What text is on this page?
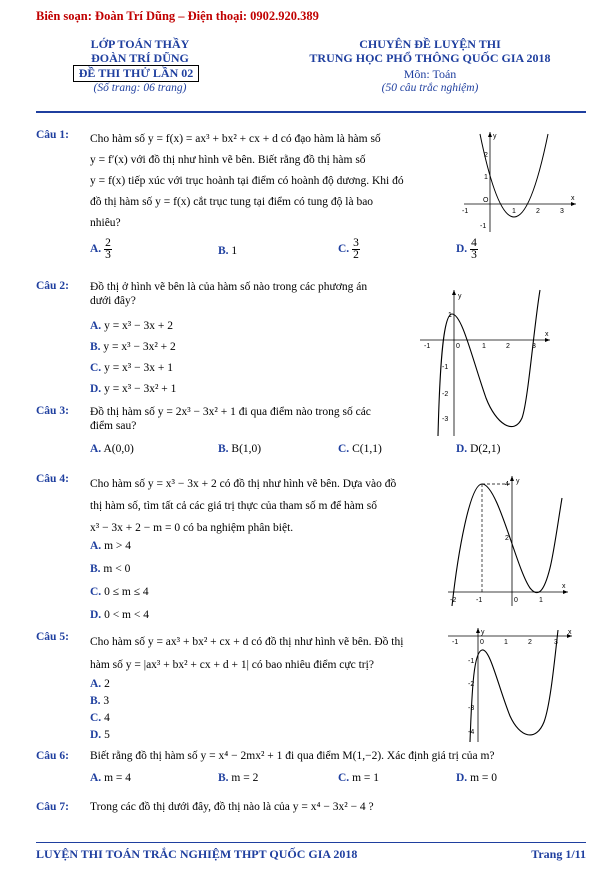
Biên soạn: Đoàn Trí Dũng – Điện thoại: 0902.920.389
LỚP TOÁN THẦY
ĐOÀN TRÍ DŨNG
ĐỀ THI THỬ LẦN 02
(Số trang: 06 trang)
CHUYÊN ĐỀ LUYỆN THI
TRUNG HỌC PHỔ THÔNG QUỐC GIA 2018
Môn: Toán
(50 câu trắc nghiệm)
Câu 1: Cho hàm số y = f(x) = ax³ + bx² + cx + d có đạo hàm là hàm số
y = f′(x) với đồ thị như hình vẽ bên. Biết rằng đồ thị hàm số
y = f(x) tiếp xúc với trục hoành tại điểm có hoành độ dương. Khi đó
đồ thị hàm số y = f(x) cắt trục tung tại điểm có tung độ là bao
nhiêu?
A. $\frac{2}{3}$	B. 1	C. $\frac{3}{2}$	D. $\frac{4}{3}$
y
x
O
-1	1	2	3
2
1
-1
Câu 2: Đồ thị ở hình vẽ bên là của hàm số nào trong các phương án
dưới đây?
A. y = x³ − 3x + 2
B. y = x³ − 3x² + 2
C. y = x³ − 3x + 1
D. y = x³ − 3x² + 1
y
x
0
-1	1	2	3
1
-1
-2
-3
Câu 3: Đồ thị hàm số y = 2x³ − 3x² + 1 đi qua điểm nào trong số các
điểm sau?
A. A(0,0)	B. B(1,0)	C. C(1,1)	D. D(2,1)
Câu 4: Cho hàm số y = x³ − 3x + 2 có đồ thị như hình vẽ bên. Dựa vào đồ
thị hàm số, tìm tất cả các giá trị thực của tham số m để hàm số
x³ − 3x + 2 − m = 0 có ba nghiệm phân biệt.
A. m > 4
B. m < 0
C. 0 ≤ m ≤ 4
D. 0 < m < 4
y
x
0
-2	-1	1
4
2
Câu 5: Cho hàm số y = ax³ + bx² + cx + d có đồ thị như hình vẽ bên. Đồ thị
hàm số y = |ax³ + bx² + cx + d + 1| có bao nhiêu điểm cực trị?
A. 2
B. 3
C. 4
D. 5
x
y
0
-1	1	2	3
-1
-2
-3
-4
Câu 6: Biết rằng đồ thị hàm số y = x⁴ − 2mx² + 1 đi qua điểm M(1,−2). Xác định giá trị của m?
A. m = 4	B. m = 2	C. m = 1	D. m = 0
Câu 7: Trong các đồ thị dưới đây, đồ thị nào là của y = x⁴ − 3x² − 4 ?
LUYỆN THI TOÁN TRẮC NGHIỆM THPT QUỐC GIA 2018	Trang 1/11
